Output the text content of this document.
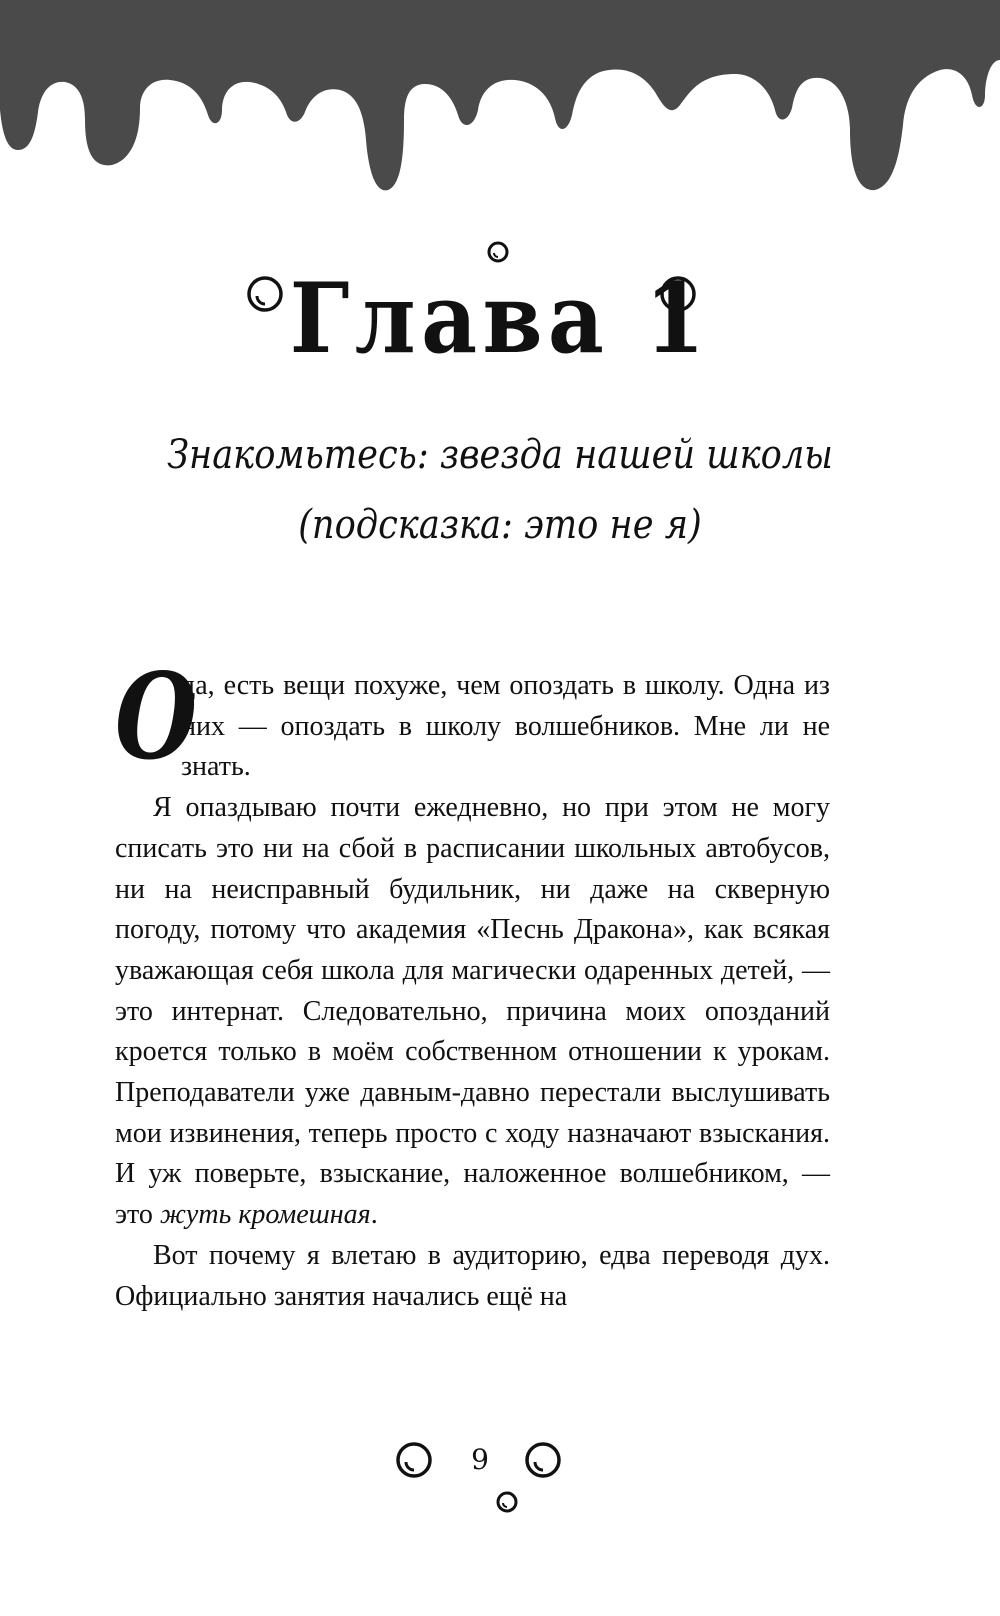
Глава 1
Знакомьтесь: звезда нашей школы
(подсказка: это не я)

О
да, есть вещи похуже, чем опоздать в школу. Одна из них — опоздать в школу волшебников. Мне ли не знать.

Я опаздываю почти ежедневно, но при этом не могу списать это ни на сбой в расписании школьных автобусов, ни на неисправный будильник, ни даже на скверную погоду, потому что академия «Песнь Дракона», как всякая уважающая себя школа для магически одаренных детей, — это интернат. Следовательно, причина моих опозданий кроется только в моём собственном отношении к урокам. Преподаватели уже давным-давно перестали выслушивать мои извинения, теперь просто с ходу назначают взыскания. И уж поверьте, взыскание, наложенное волшебником, — это жуть кромешная.

Вот почему я влетаю в аудиторию, едва переводя дух. Официально занятия начались ещё на

9
